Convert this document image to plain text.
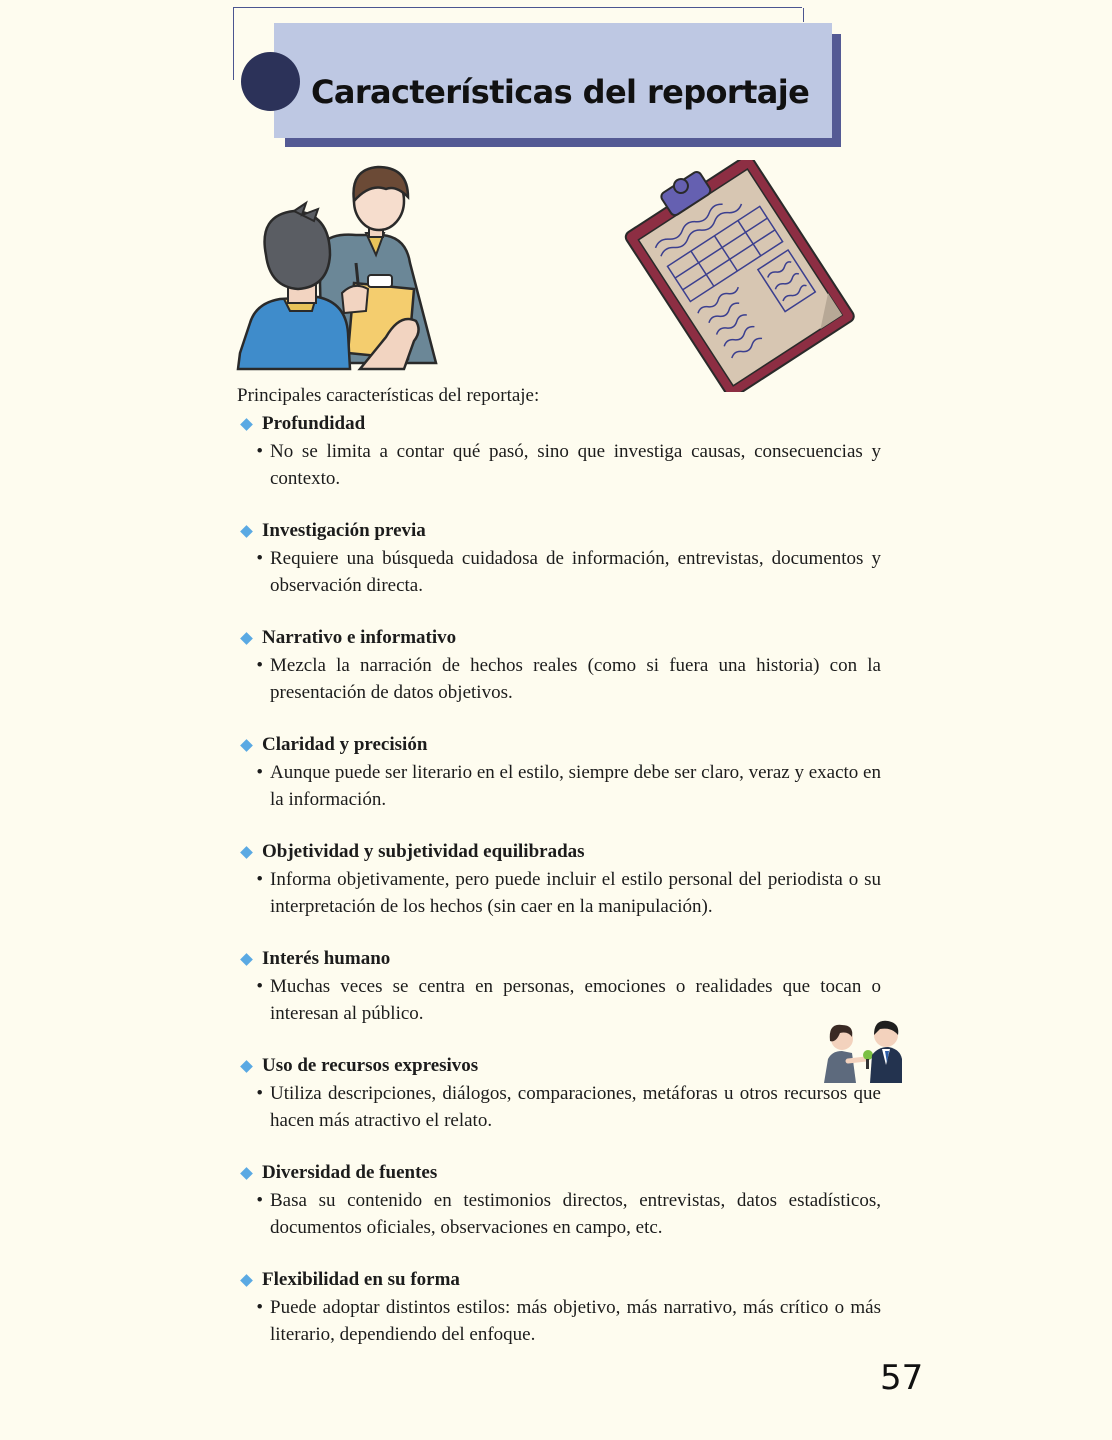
Características del reportaje

Principales características del reportaje:

Profundidad
• No se limita a contar qué pasó, sino que investiga causas, consecuencias y contexto.
Investigación previa
• Requiere una búsqueda cuidadosa de información, entrevistas, documentos y observación directa.
Narrativo e informativo
• Mezcla la narración de hechos reales (como si fuera una historia) con la presentación de datos objetivos.
Claridad y precisión
• Aunque puede ser literario en el estilo, siempre debe ser claro, veraz y exacto en la información.
Objetividad y subjetividad equilibradas
• Informa objetivamente, pero puede incluir el estilo personal del periodista o su interpretación de los hechos (sin caer en la manipulación).
Interés humano
• Muchas veces se centra en personas, emociones o realidades que tocan o interesan al público.
Uso de recursos expresivos
• Utiliza descripciones, diálogos, comparaciones, metáforas u otros recursos que hacen más atractivo el relato.
Diversidad de fuentes
• Basa su contenido en testimonios directos, entrevistas, datos estadísticos, documentos oficiales, observaciones en campo, etc.
Flexibilidad en su forma
• Puede adoptar distintos estilos: más objetivo, más narrativo, más crítico o más literario, dependiendo del enfoque.
57
